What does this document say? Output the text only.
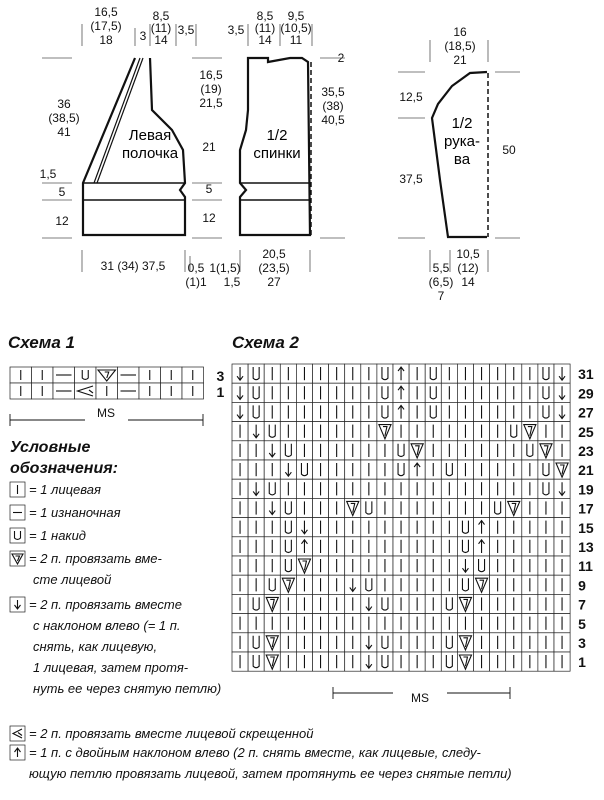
16,5
(17,5)
18 3
8,5
(11)
14
3,5
36
(38,5)
41
16,5
(19)
21,5
21
1,5
5	5
12	12
31 (34) 37,5 0,5
(1)1
Левая
полочка
3,5
8,5
(11)
14
9,5
(10,5)
11
2
35,5
(38)
40,5
1(1,5)
1,5
20,5
(23,5)
27
1/2
спинки
16
(18,5)
21
12,5
37,5
50
5,5
(6,5)
7
10,5
(12)
14
1/2
рука-
ва
Схема 1
3
1
MS
Условные
обозначения:
= 1 лицевая
= 1 изнаночная
= 1 накид
= 2 п. провязать вме-
сте лицевой
= 2 п. провязать вместе
с наклоном влево (= 1 п.
снять, как лицевую,
1 лицевая, затем протя-
нуть ее через снятую петлю)
Схема 2
31
29
27
25
23
21
19
17
15
13
11
9
7
5
3
1
MS
= 2 п. провязать вместе лицевой скрещенной
= 1 п. с двойным наклоном влево (2 п. снять вместе, как лицевые, следу-
ющую петлю провязать лицевой, затем протянуть ее через снятые петли)
